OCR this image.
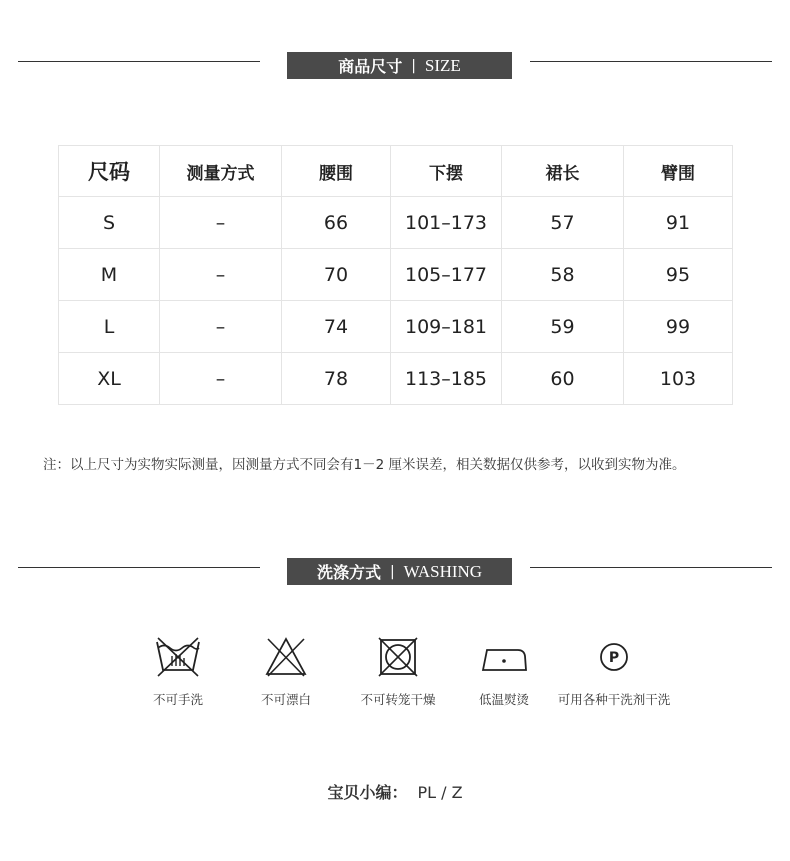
商品尺寸 | SIZE
尺码	测量方式	腰围	下摆	裙长	臂围
S	–	66	101–173	57	91
M	–	70	105–177	58	95
L	–	74	109–181	59	99
XL	–	78	113–185	60	103
注：以上尺寸为实物实际测量，因测量方式不同会有1－2 厘米误差，相关数据仅供参考，以收到实物为准。
洗涤方式 | WASHING
不可手洗	不可漂白	不可转笼干燥	低温熨烫
P
可用各种干洗剂干洗
宝贝小编： PL / Z
